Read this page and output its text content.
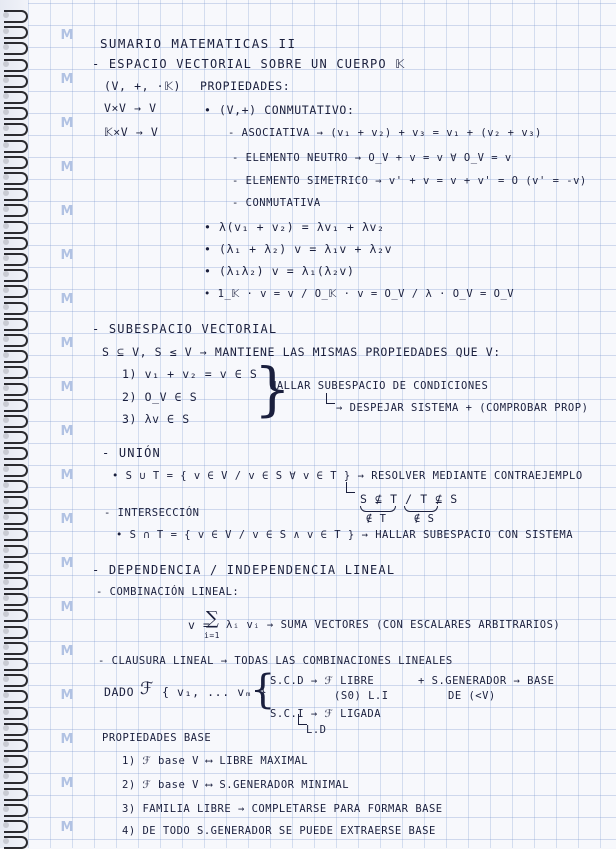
M
M
M
M
M
M
M
M
M
M
M
M
M
M
M
M
M
M
M
SUMARIO MATEMATICAS II
- ESPACIO VECTORIAL SOBRE UN CUERPO 𝕂
(V, +, ·𝕂) PROPIEDADES:
V×V → V	• (V,+) CONMUTATIVO:
𝕂×V → V	- ASOCIATIVA → (v₁ + v₂) + v₃ = v₁ + (v₂ + v₃)
- ELEMENTO NEUTRO → O_V + v = v ∀ O_V = v
- ELEMENTO SIMETRICO → v' + v = v + v' = O (v' = -v)
- CONMUTATIVA
• λ(v₁ + v₂) = λv₁ + λv₂
• (λ₁ + λ₂) v = λ₁v + λ₂v
• (λ₁λ₂) v = λ₁(λ₂v)
• 1_𝕂 · v = v / O_𝕂 · v = O_V / λ · O_V = O_V
- SUBESPACIO VECTORIAL
S ⊆ V, S ≤ V → MANTIENE LAS MISMAS PROPIEDADES QUE V:
1) v₁ + v₂ = v ∈ S
HALLAR SUBESPACIO DE CONDICIONES
2) O_V ∈ S
→ DESPEJAR SISTEMA + (COMPROBAR PROP)
3) λv ∈ S
- UNIÓN
• S ∪ T = { v ∈ V / v ∈ S ∀ v ∈ T } → RESOLVER MEDIANTE CONTRAEJEMPLO
S ⊈ T / T ⊈ S
- INTERSECCIÓN	∉ T	∉ S
• S ∩ T = { v ∈ V / v ∈ S ∧ v ∈ T } → HALLAR SUBESPACIO CON SISTEMA
- DEPENDENCIA / INDEPENDENCIA LINEAL
- COMBINACIÓN LINEAL:
v = λᵢ vᵢ → SUMA VECTORES (CON ESCALARES ARBITRARIOS)
- CLAUSURA LINEAL → TODAS LAS COMBINACIONES LINEALES
DADO { v₁, ... vₘ }
S.C.D → ℱ LIBRE	+ S.GENERADOR → BASE
(S0) L.I	DE (<V)
S.C.I → ℱ LIGADA
L.D
PROPIEDADES BASE
1) ℱ base V ⟷ LIBRE MAXIMAL
2) ℱ base V ⟷ S.GENERADOR MINIMAL
3) FAMILIA LIBRE → COMPLETARSE PARA FORMAR BASE
4) DE TODO S.GENERADOR SE PUEDE EXTRAERSE BASE
}
∑
i=1
ℱ {
